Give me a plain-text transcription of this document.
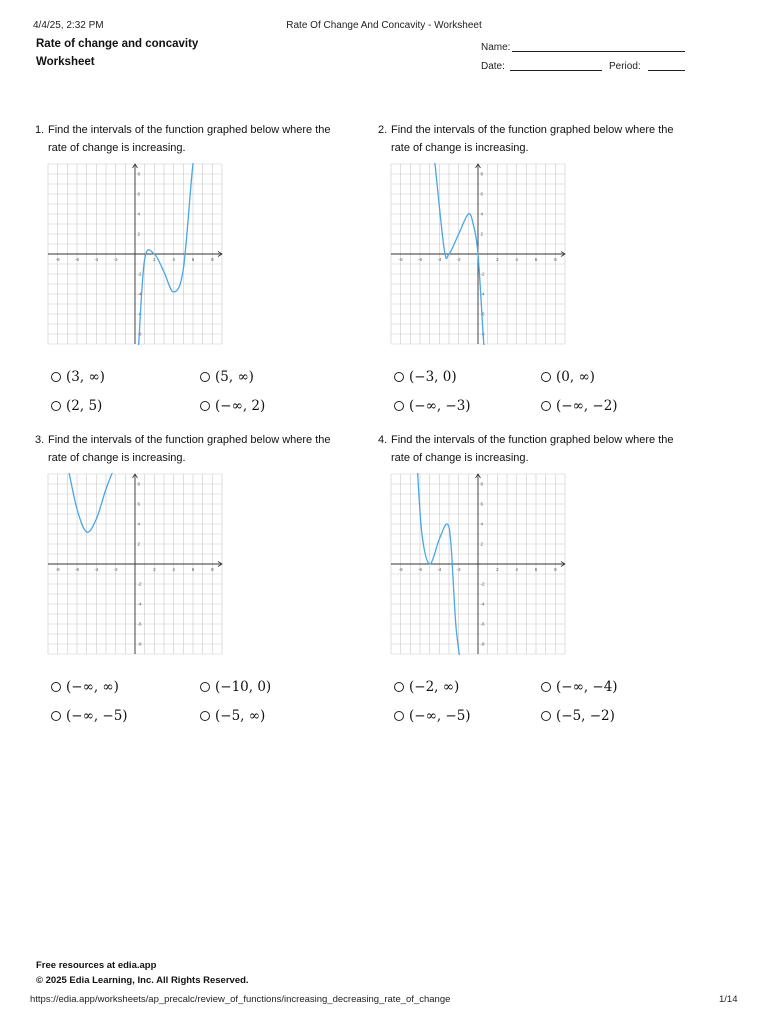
4/4/25, 2:32 PM	Rate Of Change And Concavity - Worksheet
Rate of change and concavity
Worksheet
Name:
Date:	Period:
1. Find the intervals of the function graphed below where the rate of change is increasing.
-8
-8
-6
-6
-4
-4
-2
-2
2
2
4
4
6
6
8
8
(3, ∞)	(5, ∞)
(2, 5)	(−∞, 2)
2. Find the intervals of the function graphed below where the rate of change is increasing.
-8
-8
-6
-6
-4
-4
-2
-2
2
2
4
4
6
6
8
8
(−3, 0)	(0, ∞)
(−∞, −3)	(−∞, −2)
3. Find the intervals of the function graphed below where the rate of change is increasing.
-8
-8
-6
-6
-4
-4
-2
-2
2
2
4
4
6
6
8
8
(−∞, ∞)	(−10, 0)
(−∞, −5)	(−5, ∞)
4. Find the intervals of the function graphed below where the rate of change is increasing.
-8
-8
-6
-6
-4
-4
-2
-2
2
2
4
4
6
6
8
8
(−2, ∞)	(−∞, −4)
(−∞, −5)	(−5, −2)
Free resources at edia.app
© 2025 Edia Learning, Inc. All Rights Reserved.
https://edia.app/worksheets/ap_precalc/review_of_functions/increasing_decreasing_rate_of_change	1/14
